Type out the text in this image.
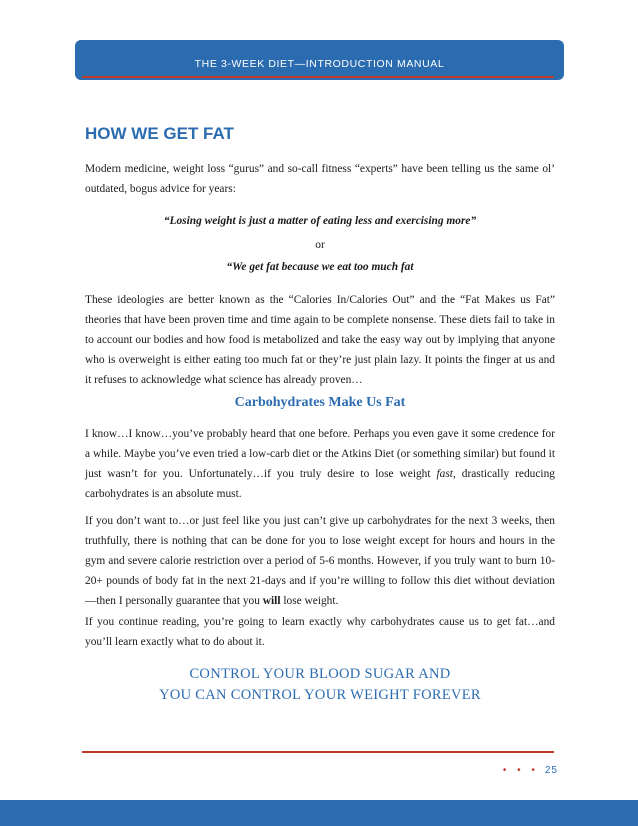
THE 3-WEEK DIET—INTRODUCTION MANUAL
HOW WE GET FAT

Modern medicine, weight loss “gurus” and so-call fitness “experts” have been telling us the same ol’ outdated, bogus advice for years:

“Losing weight is just a matter of eating less and exercising more”

or

“We get fat because we eat too much fat

These ideologies are better known as the “Calories In/Calories Out” and the “Fat Makes us Fat” theories that have been proven time and time again to be complete nonsense. These diets fail to take in to account our bodies and how food is metabolized and take the easy way out by implying that anyone who is overweight is either eating too much fat or they’re just plain lazy. It points the finger at us and it refuses to acknowledge what science has already proven…

Carbohydrates Make Us Fat

I know…I know…you’ve probably heard that one before. Perhaps you even gave it some credence for a while. Maybe you’ve even tried a low-carb diet or the Atkins Diet (or something similar) but found it just wasn’t for you. Unfortunately…if you truly desire to lose weight fast, drastically reducing carbohydrates is an absolute must.

If you don’t want to…or just feel like you just can’t give up carbohydrates for the next 3 weeks, then truthfully, there is nothing that can be done for you to lose weight except for hours and hours in the gym and severe calorie restriction over a period of 5-6 months. However, if you truly want to burn 10-20+ pounds of body fat in the next 21-days and if you’re willing to follow this diet without deviation—then I personally guarantee that you will lose weight.

If you continue reading, you’re going to learn exactly why carbohydrates cause us to get fat…and you’ll learn exactly what to do about it.

CONTROL YOUR BLOOD SUGAR AND
YOU CAN CONTROL YOUR WEIGHT FOREVER

• • • 25
